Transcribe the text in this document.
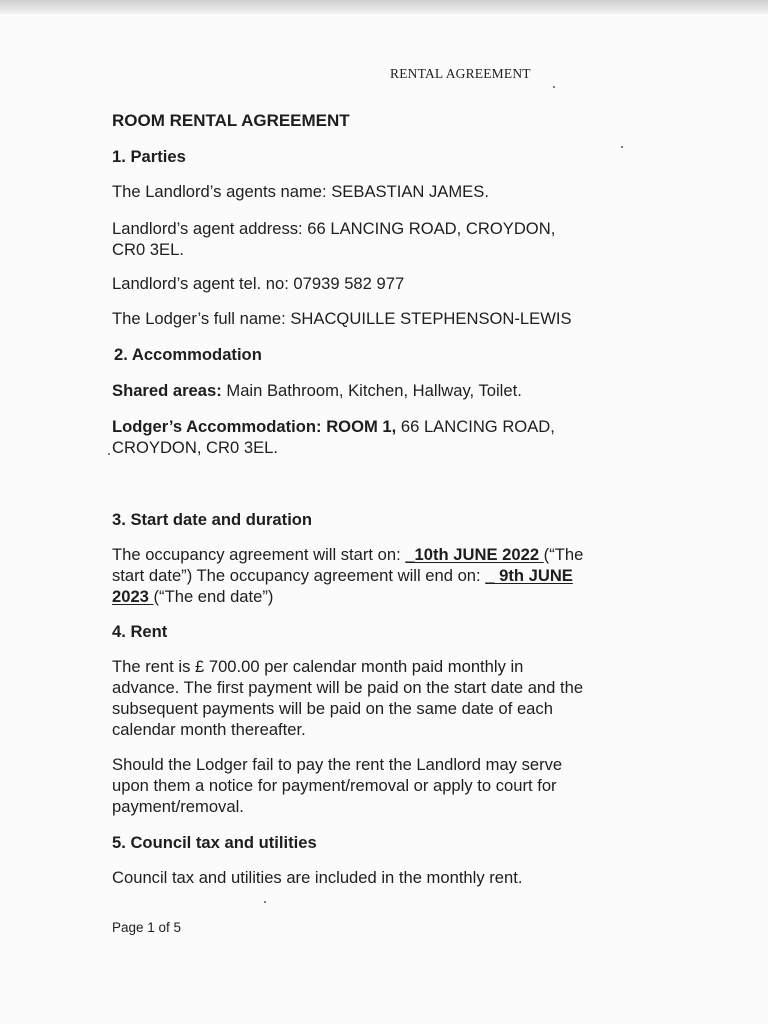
RENTAL AGREEMENT
ROOM RENTAL AGREEMENT
1. Parties
The Landlord’s agents name: SEBASTIAN JAMES.
Landlord’s agent address: 66 LANCING ROAD, CROYDON,
CR0 3EL.
Landlord’s agent tel. no: 07939 582 977
The Lodger’s full name: SHACQUILLE STEPHENSON-LEWIS
2. Accommodation
Shared areas: Main Bathroom, Kitchen, Hallway, Toilet.
Lodger’s Accommodation: ROOM 1, 66 LANCING ROAD,
CROYDON, CR0 3EL.
3. Start date and duration
The occupancy agreement will start on: _10th JUNE 2022 (“The
start date”) The occupancy agreement will end on: _ 9th JUNE
2023 (“The end date”)
4. Rent
The rent is £ 700.00 per calendar month paid monthly in
advance. The first payment will be paid on the start date and the
subsequent payments will be paid on the same date of each
calendar month thereafter.
Should the Lodger fail to pay the rent the Landlord may serve
upon them a notice for payment/removal or apply to court for
payment/removal.
5. Council tax and utilities
Council tax and utilities are included in the monthly rent.
Page 1 of 5
